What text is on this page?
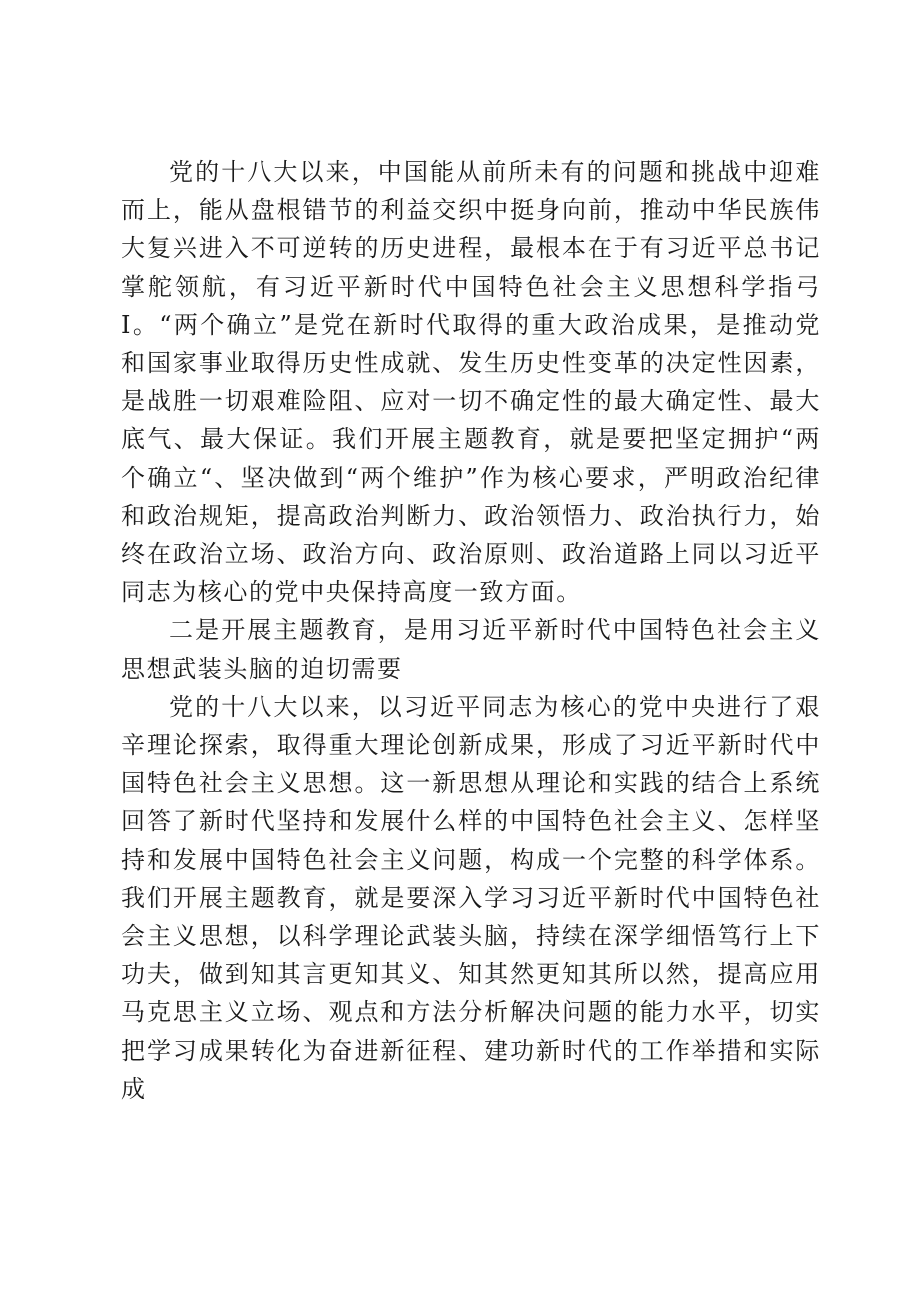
党的十八大以来，中国能从前所未有的问题和挑战中迎难而上，能从盘根错节的利益交织中挺身向前，推动中华民族伟大复兴进入不可逆转的历史进程，最根本在于有习近平总书记掌舵领航，有习近平新时代中国特色社会主义思想科学指弓I。“两个确立”是党在新时代取得的重大政治成果，是推动党和国家事业取得历史性成就、发生历史性变革的决定性因素，是战胜一切艰难险阻、应对一切不确定性的最大确定性、最大底气、最大保证。我们开展主题教育，就是要把坚定拥护“两个确立“、坚决做到“两个维护”作为核心要求，严明政治纪律和政治规矩，提高政治判断力、政治领悟力、政治执行力，始终在政治立场、政治方向、政治原则、政治道路上同以习近平同志为核心的党中央保持高度一致方面。

二是开展主题教育，是用习近平新时代中国特色社会主义思想武装头脑的迫切需要

党的十八大以来，以习近平同志为核心的党中央进行了艰辛理论探索，取得重大理论创新成果，形成了习近平新时代中国特色社会主义思想。这一新思想从理论和实践的结合上系统回答了新时代坚持和发展什么样的中国特色社会主义、怎样坚持和发展中国特色社会主义问题，构成一个完整的科学体系。我们开展主题教育，就是要深入学习习近平新时代中国特色社会主义思想，以科学理论武装头脑，持续在深学细悟笃行上下功夫，做到知其言更知其义、知其然更知其所以然，提高应用马克思主义立场、观点和方法分析解决问题的能力水平，切实把学习成果转化为奋进新征程、建功新时代的工作举措和实际成
